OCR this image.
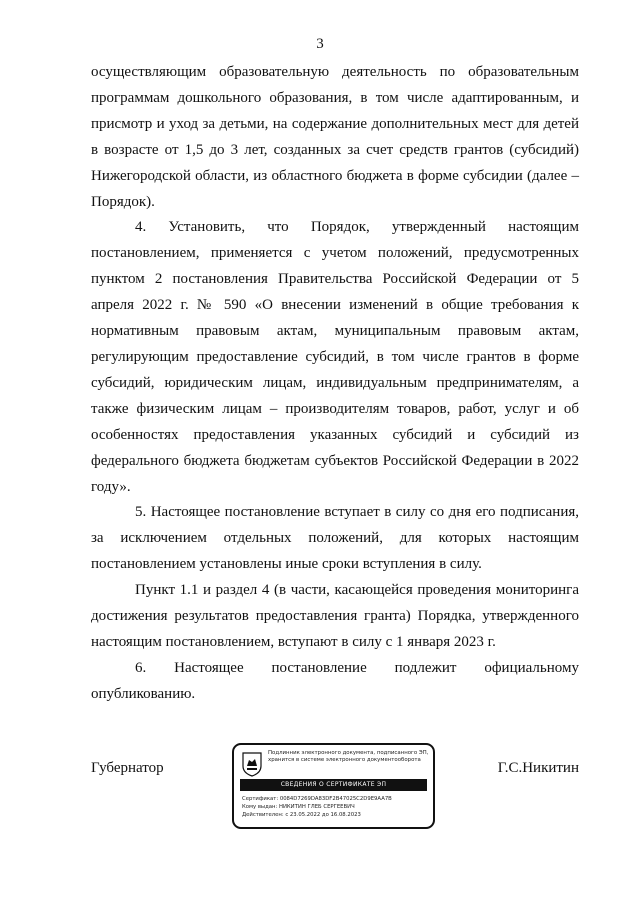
3

осуществляющим образовательную деятельность по образовательным программам дошкольного образования, в том числе адаптированным, и присмотр и уход за детьми, на содержание дополнительных мест для детей в возрасте от 1,5 до 3 лет, созданных за счет средств грантов (субсидий) Нижегородской области, из областного бюджета в форме субсидии (далее – Порядок).

4. Установить, что Порядок, утвержденный настоящим постановлением, применяется с учетом положений, предусмотренных пунктом 2 постановления Правительства Российской Федерации от 5 апреля 2022 г. № 590 «О внесении изменений в общие требования к нормативным правовым актам, муниципальным правовым актам, регулирующим предоставление субсидий, в том числе грантов в форме субсидий, юридическим лицам, индивидуальным предпринимателям, а также физическим лицам – производителям товаров, работ, услуг и об особенностях предоставления указанных субсидий и субсидий из федерального бюджета бюджетам субъектов Российской Федерации в 2022 году».

5. Настоящее постановление вступает в силу со дня его подписания, за исключением отдельных положений, для которых настоящим постановлением установлены иные сроки вступления в силу.

Пункт 1.1 и раздел 4 (в части, касающейся проведения мониторинга достижения результатов предоставления гранта) Порядка, утвержденного настоящим постановлением, вступают в силу с 1 января 2023 г.

6. Настоящее постановление подлежит официальному опубликованию.

Губернатор
Подлинник электронного документа, подписанного ЭП, хранится в системе электронного документооборота
СВЕДЕНИЯ О СЕРТИФИКАТЕ ЭП
Сертификат: 0084D7269DA83DF2B47025C2D9E9AA7B
Кому выдан: НИКИТИН ГЛЕБ СЕРГЕЕВИЧ
Действителен: с 23.05.2022 до 16.08.2023
Г.С.Никитин
